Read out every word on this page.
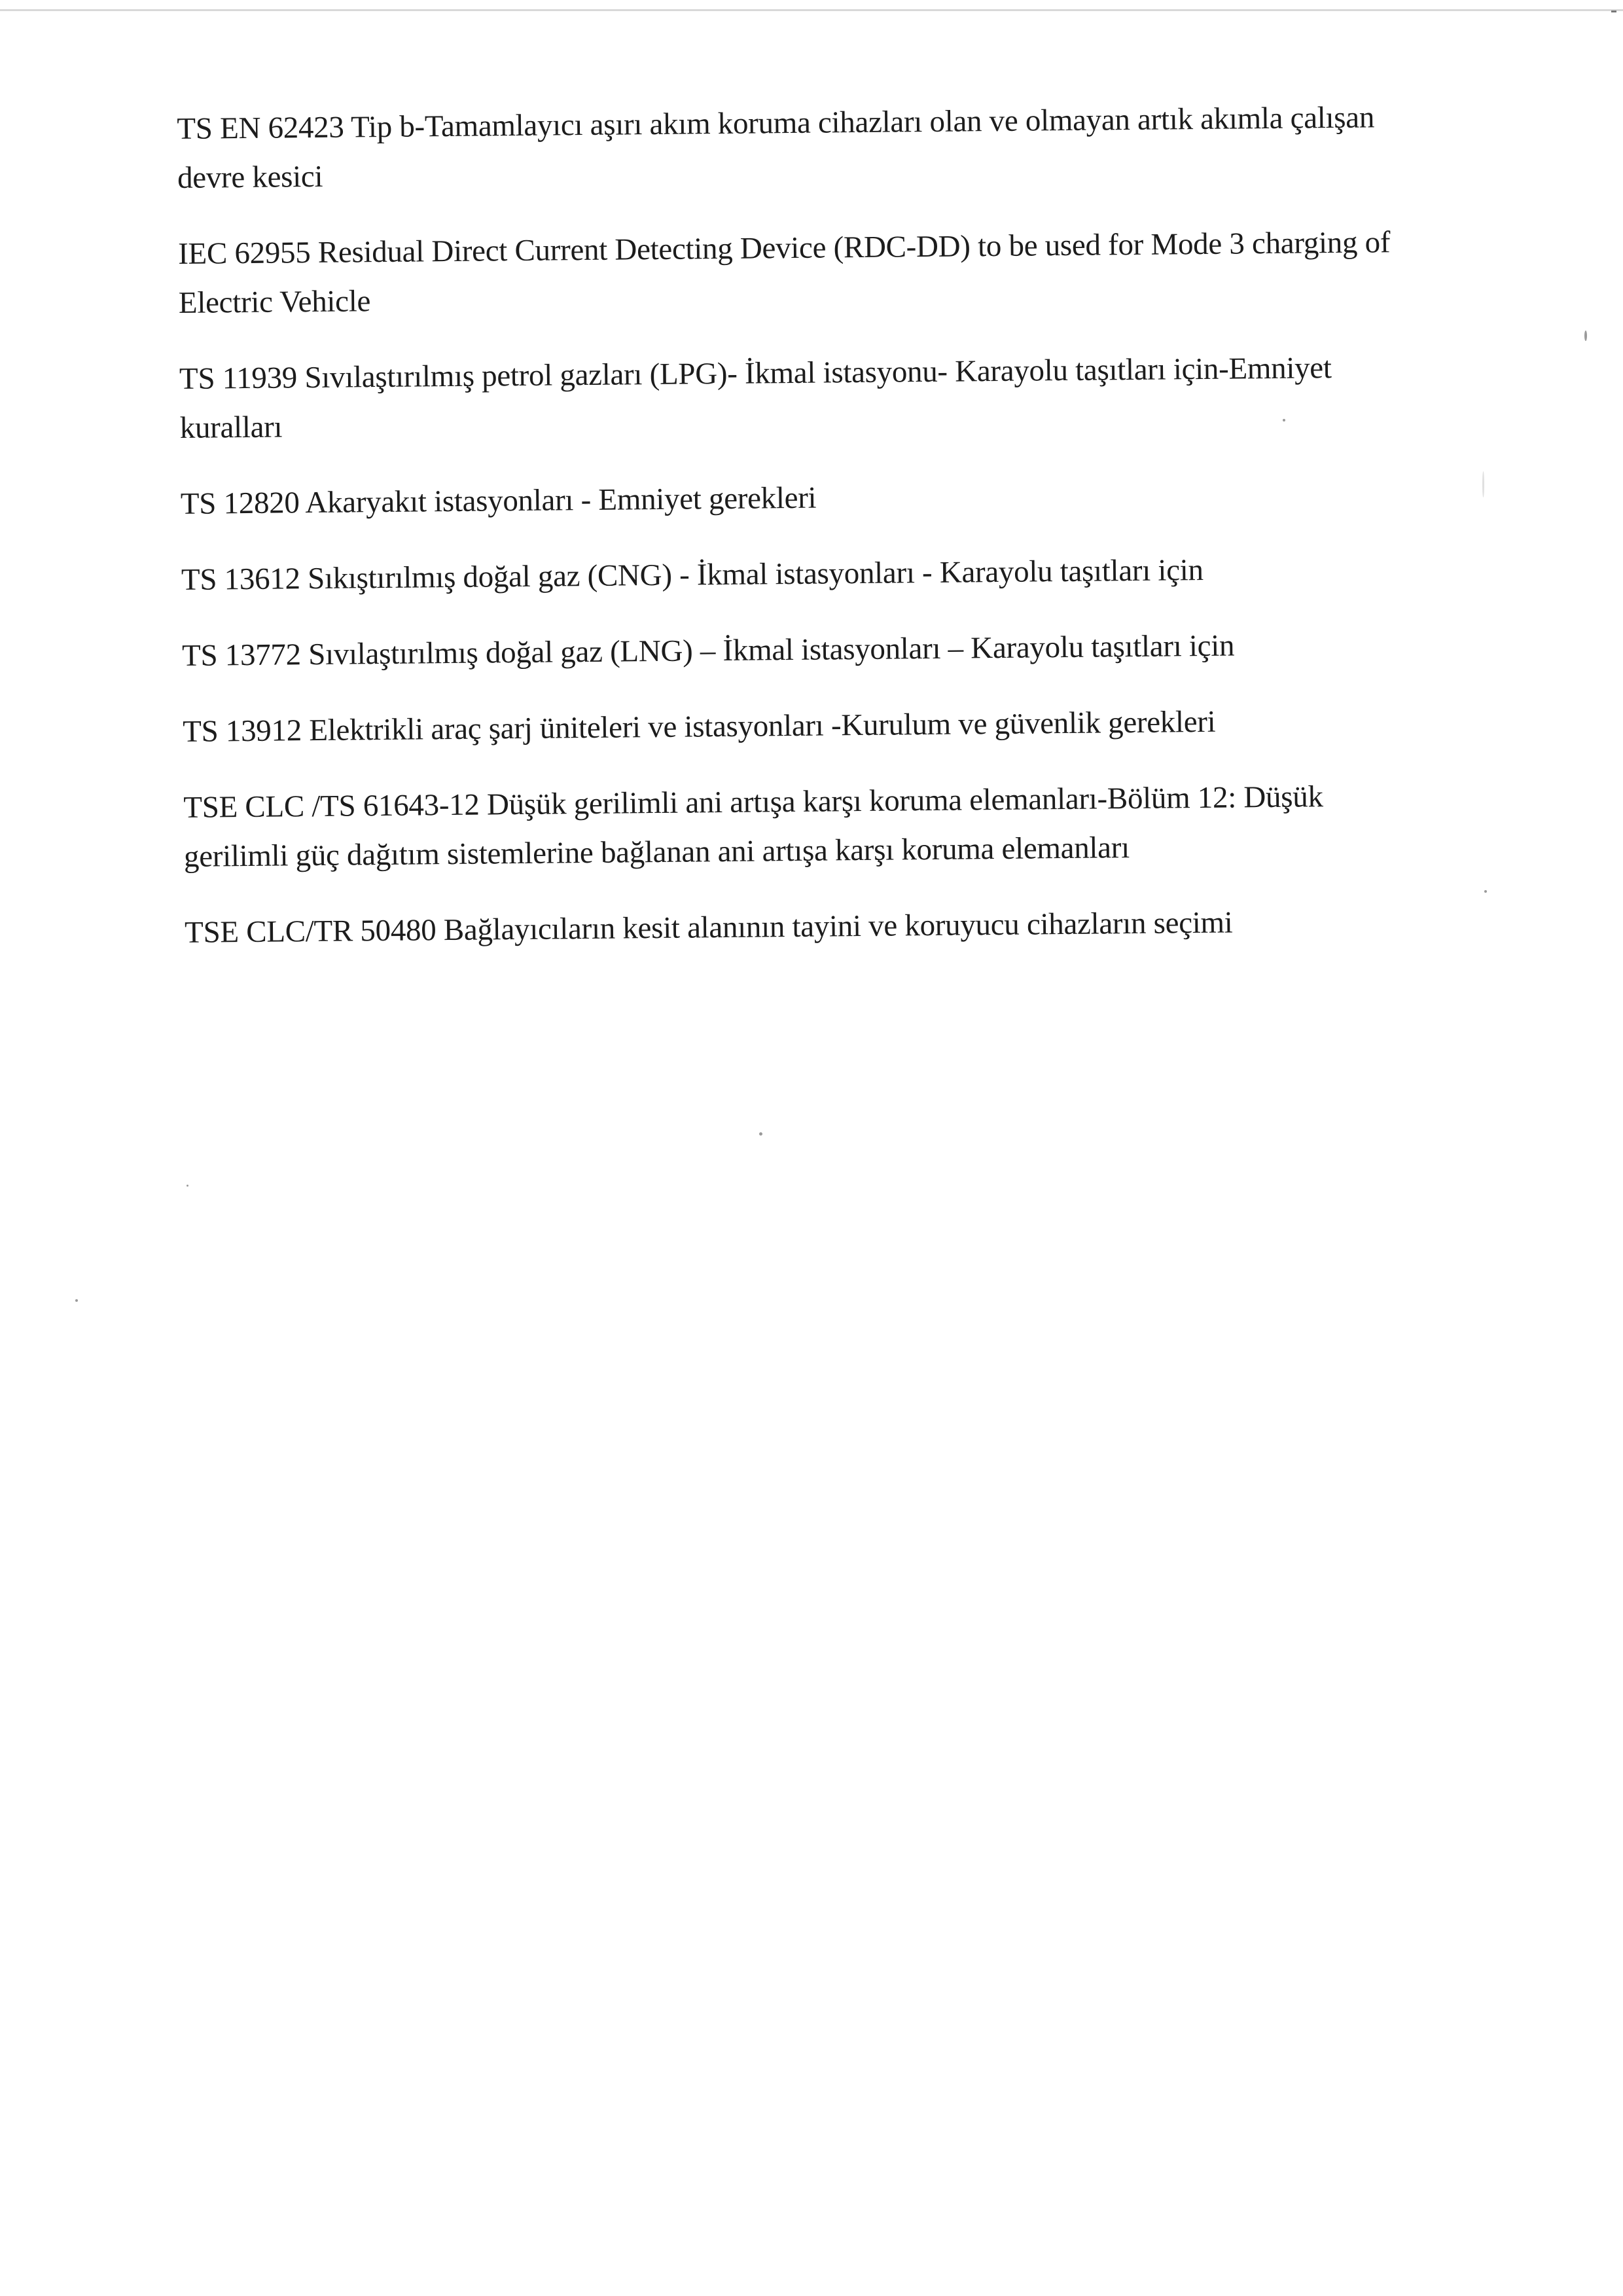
TS EN 62423 Tip b-Tamamlayıcı aşırı akım koruma cihazları olan ve olmayan artık akımla çalışan devre kesici

IEC 62955 Residual Direct Current Detecting Device (RDC-DD) to be used for Mode 3 charging of Electric Vehicle

TS 11939 Sıvılaştırılmış petrol gazları (LPG)- İkmal istasyonu- Karayolu taşıtları için-Emniyet kuralları

TS 12820 Akaryakıt istasyonları - Emniyet gerekleri

TS 13612 Sıkıştırılmış doğal gaz (CNG) - İkmal istasyonları - Karayolu taşıtları için

TS 13772 Sıvılaştırılmış doğal gaz (LNG) – İkmal istasyonları – Karayolu taşıtları için

TS 13912 Elektrikli araç şarj üniteleri ve istasyonları -Kurulum ve güvenlik gerekleri

TSE CLC /TS 61643-12 Düşük gerilimli ani artışa karşı koruma elemanları-Bölüm 12: Düşük gerilimli güç dağıtım sistemlerine bağlanan ani artışa karşı koruma elemanları

TSE CLC/TR 50480 Bağlayıcıların kesit alanının tayini ve koruyucu cihazların seçimi
